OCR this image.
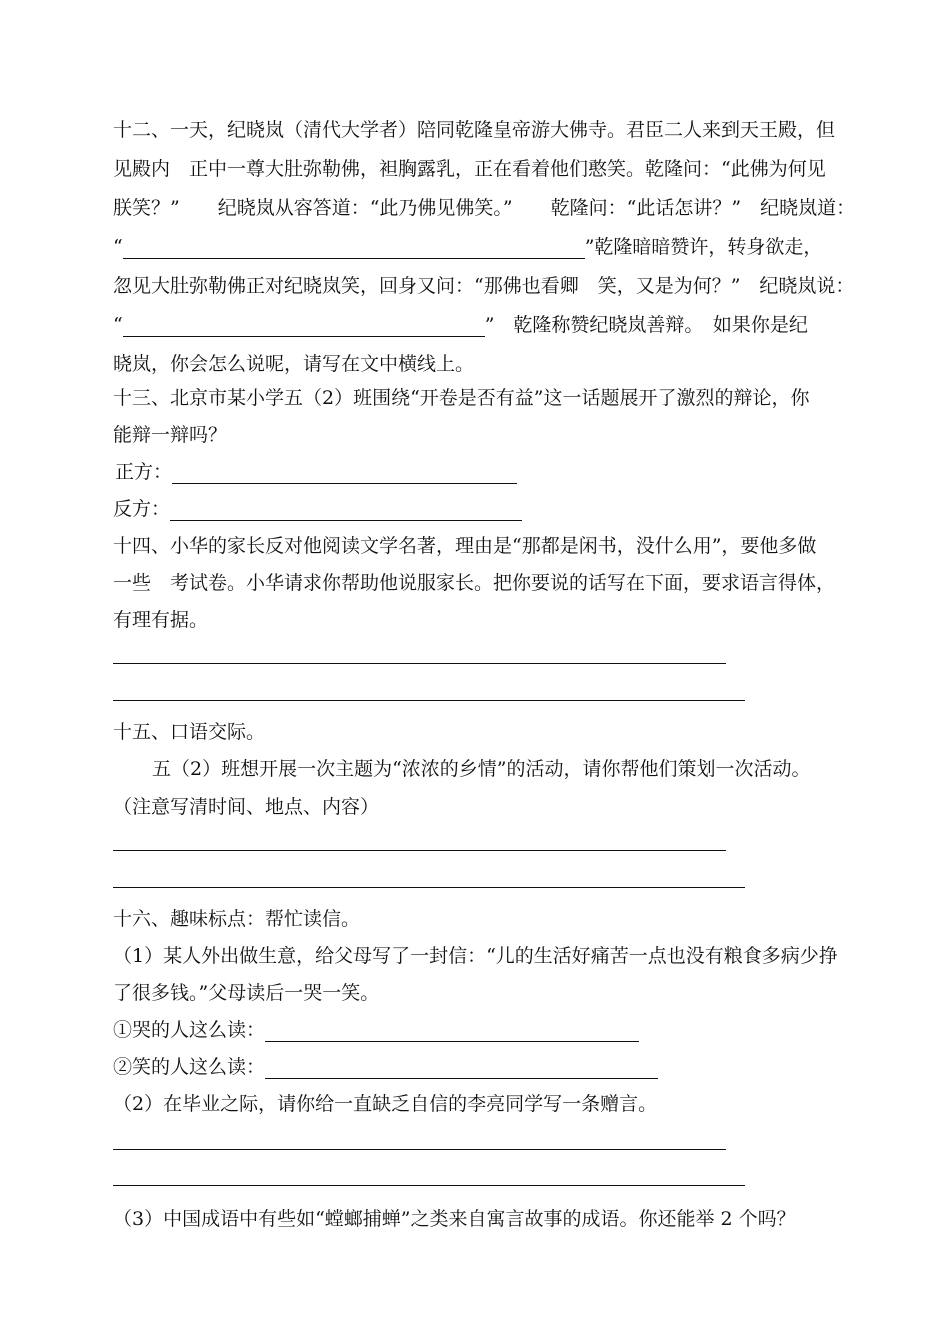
十二、一天，纪晓岚（清代大学者）陪同乾隆皇帝游大佛寺。君臣二人来到天王殿，但
见殿内　正中一尊大肚弥勒佛，袒胸露乳，正在看着他们憨笑。乾隆问：“此佛为何见
朕笑？”　　纪晓岚从容答道：“此乃佛见佛笑。”　　乾隆问：“此话怎讲？”　纪晓岚道：
“	”乾隆暗暗赞许，转身欲走，
忽见大肚弥勒佛正对纪晓岚笑，回身又问：“那佛也看卿　笑，又是为何？”　纪晓岚说：
“	”　乾隆称赞纪晓岚善辩。　如果你是纪
晓岚，你会怎么说呢，请写在文中横线上。
十三、北京市某小学五（2）班围绕“开卷是否有益”这一话题展开了激烈的辩论，你
能辩一辩吗？
正方：
反方：
十四、小华的家长反对他阅读文学名著，理由是“那都是闲书，没什么用”，要他多做
一些　考试卷。小华请求你帮助他说服家长。把你要说的话写在下面，要求语言得体，
有理有据。
十五、口语交际。
五（2）班想开展一次主题为“浓浓的乡情”的活动，请你帮他们策划一次活动。
（注意写清时间、地点、内容）
十六、趣味标点：帮忙读信。
（1）某人外出做生意，给父母写了一封信：“儿的生活好痛苦一点也没有粮食多病少挣
了很多钱。”父母读后一哭一笑。
①哭的人这么读：
②笑的人这么读：
（2）在毕业之际，请你给一直缺乏自信的李亮同学写一条赠言。
（3）中国成语中有些如“螳螂捕蝉”之类来自寓言故事的成语。你还能举 2 个吗？
